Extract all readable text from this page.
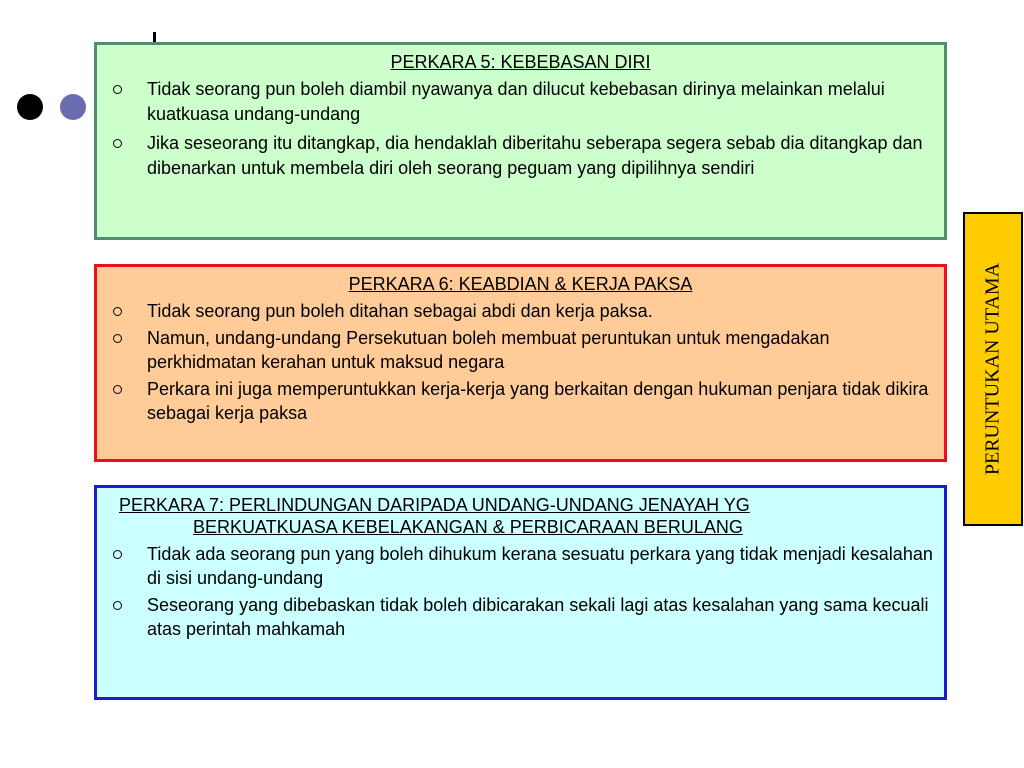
PERKARA 5: KEBEBASAN DIRI
Tidak seorang pun boleh diambil nyawanya dan dilucut kebebasan dirinya melainkan melalui kuatkuasa undang-undang
Jika seseorang itu ditangkap, dia hendaklah diberitahu seberapa segera sebab dia ditangkap dan dibenarkan untuk membela diri oleh seorang peguam yang dipilihnya sendiri
PERKARA 6: KEABDIAN & KERJA PAKSA
Tidak seorang pun boleh ditahan sebagai abdi dan kerja paksa.
Namun, undang-undang Persekutuan boleh membuat peruntukan untuk mengadakan perkhidmatan kerahan untuk maksud negara
Perkara ini juga memperuntukkan kerja-kerja yang berkaitan dengan hukuman penjara tidak dikira sebagai kerja paksa
PERKARA 7: PERLINDUNGAN DARIPADA UNDANG-UNDANG JENAYAH YG
BERKUATKUASA KEBELAKANGAN & PERBICARAAN BERULANG
Tidak ada seorang pun yang boleh dihukum kerana sesuatu perkara yang tidak menjadi kesalahan di sisi undang-undang
Seseorang yang dibebaskan tidak boleh dibicarakan sekali lagi atas kesalahan yang sama kecuali atas perintah mahkamah
PERUNTUKAN UTAMA
